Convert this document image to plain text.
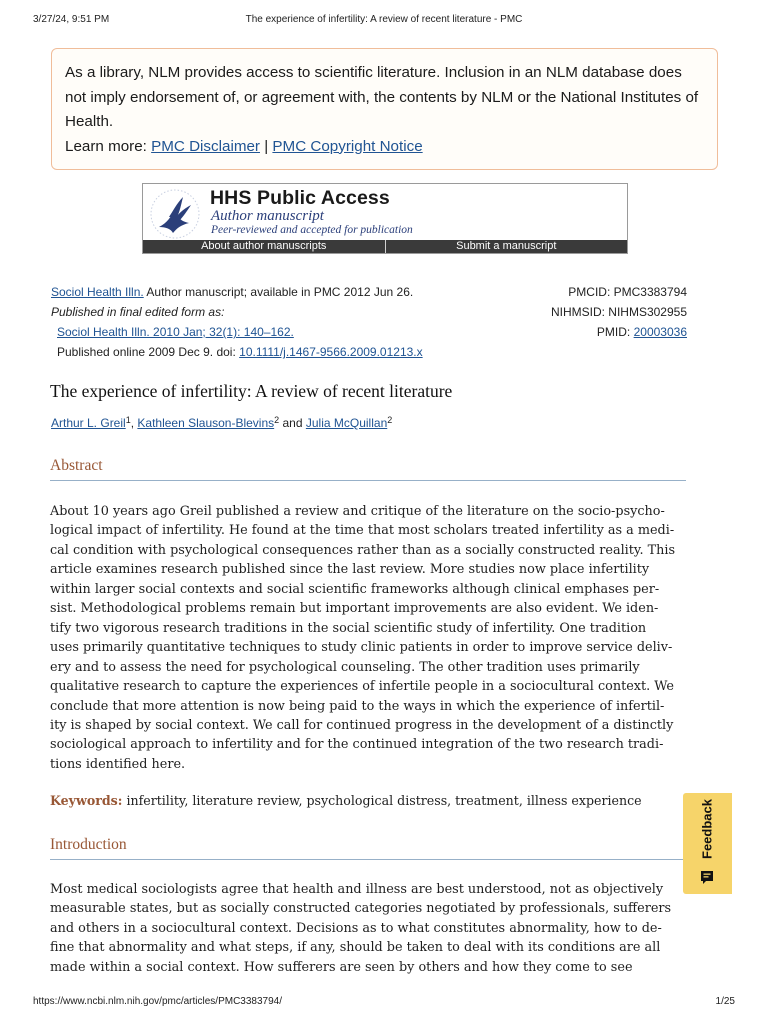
3/27/24, 9:51 PM	The experience of infertility: A review of recent literature - PMC
As a library, NLM provides access to scientific literature. Inclusion in an NLM database does not imply endorsement of, or agreement with, the contents by NLM or the National Institutes of Health.
Learn more: PMC Disclaimer | PMC Copyright Notice
HHS Public Access
Author manuscript
Peer-reviewed and accepted for publication
About author manuscripts	Submit a manuscript
Sociol Health Illn. Author manuscript; available in PMC 2012 Jun 26.
Published in final edited form as:
Sociol Health Illn. 2010 Jan; 32(1): 140–162.
Published online 2009 Dec 9. doi: 10.1111/j.1467-9566.2009.01213.x
PMCID: PMC3383794
NIHMSID: NIHMS302955
PMID: 20003036
The experience of infertility: A review of recent literature
Arthur L. Greil$^1$, Kathleen Slauson-Blevins$^2$ and Julia McQuillan$^2$
Abstract
About 10 years ago Greil published a review and critique of the literature on the socio-psycho-
logical impact of infertility. He found at the time that most scholars treated infertility as a medi-
cal condition with psychological consequences rather than as a socially constructed reality. This
article examines research published since the last review. More studies now place infertility
within larger social contexts and social scientific frameworks although clinical emphases per-
sist. Methodological problems remain but important improvements are also evident. We iden-
tify two vigorous research traditions in the social scientific study of infertility. One tradition
uses primarily quantitative techniques to study clinic patients in order to improve service deliv-
ery and to assess the need for psychological counseling. The other tradition uses primarily
qualitative research to capture the experiences of infertile people in a sociocultural context. We
conclude that more attention is now being paid to the ways in which the experience of infertil-
ity is shaped by social context. We call for continued progress in the development of a distinctly
sociological approach to infertility and for the continued integration of the two research tradi-
tions identified here.
Keywords: infertility, literature review, psychological distress, treatment, illness experience
Introduction
Most medical sociologists agree that health and illness are best understood, not as objectively
measurable states, but as socially constructed categories negotiated by professionals, sufferers
and others in a sociocultural context. Decisions as to what constitutes abnormality, how to de-
fine that abnormality and what steps, if any, should be taken to deal with its conditions are all
made within a social context. How sufferers are seen by others and how they come to see
Feedback
https://www.ncbi.nlm.nih.gov/pmc/articles/PMC3383794/	1/25
